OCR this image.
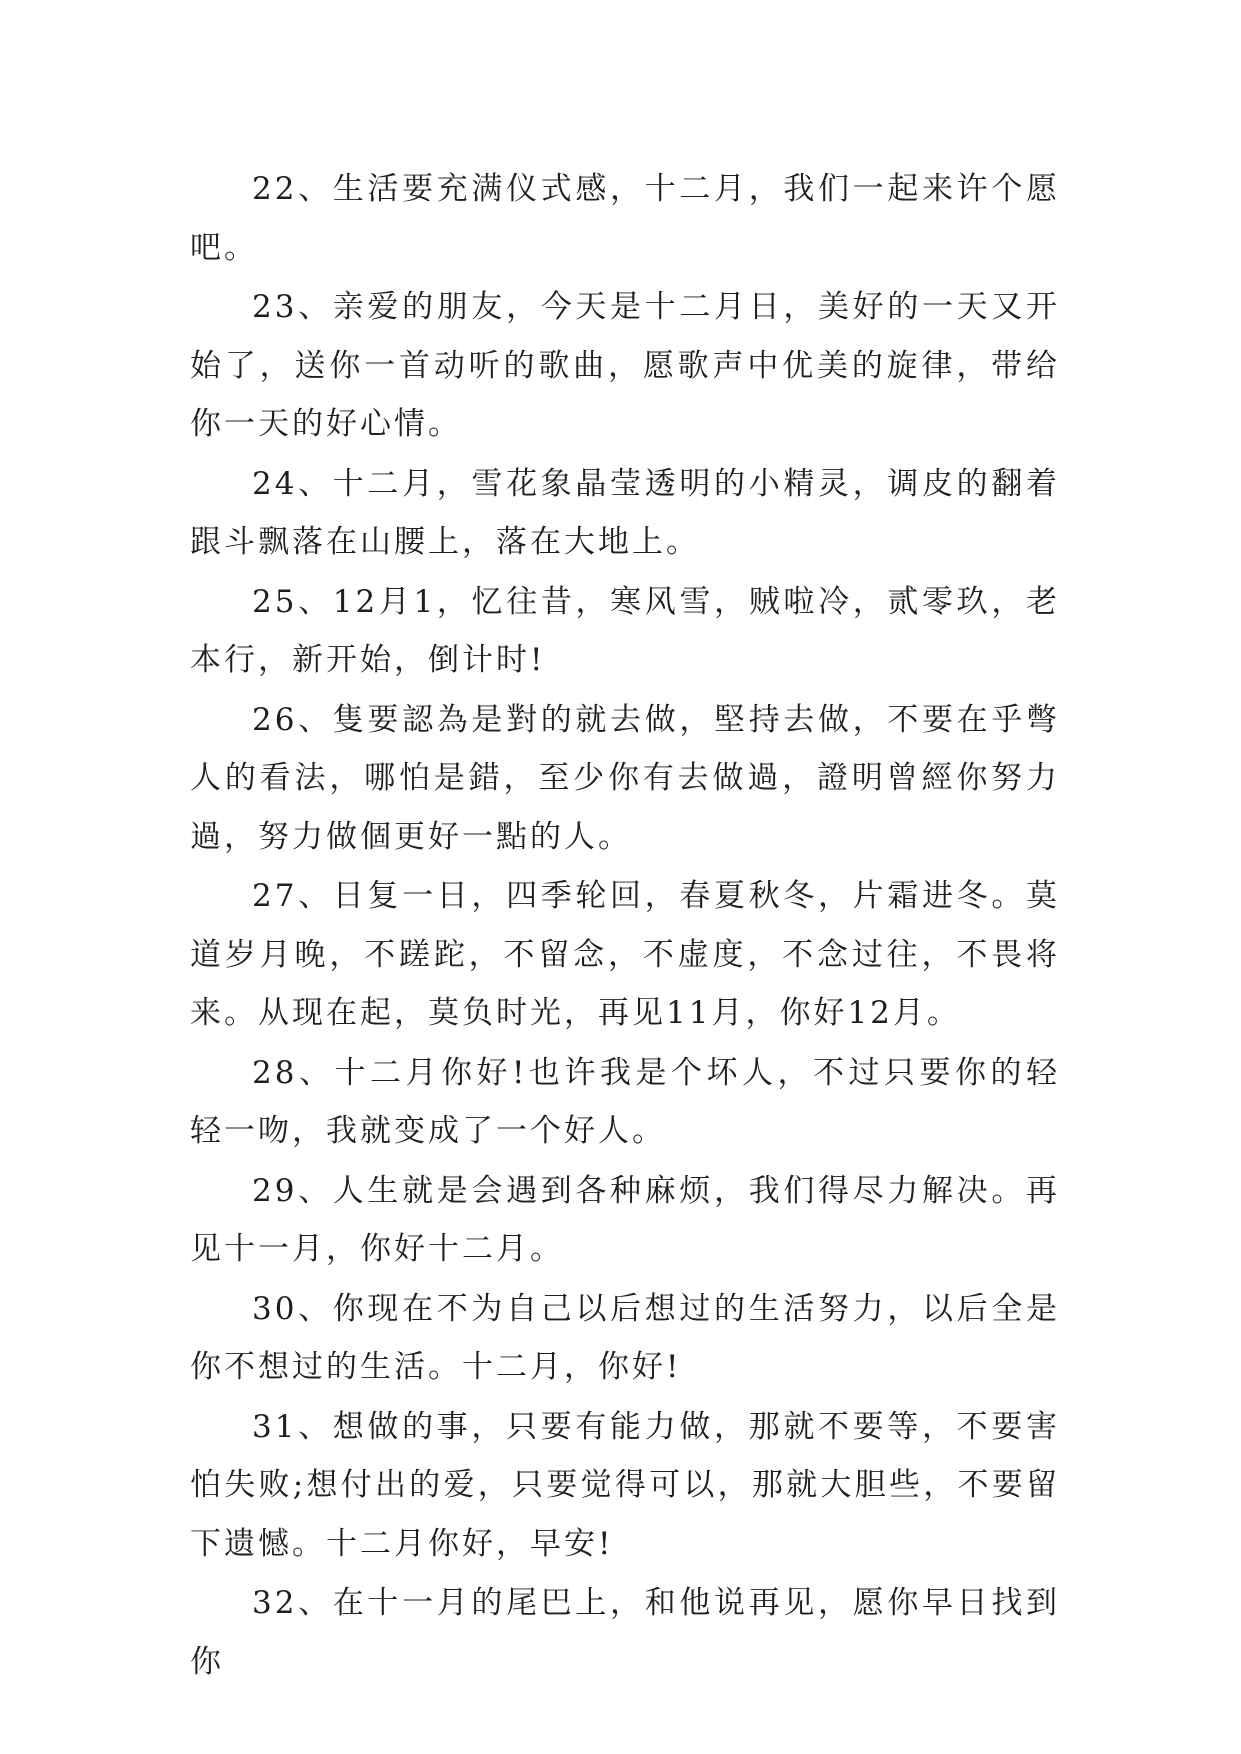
22、生活要充满仪式感，十二月，我们一起来许个愿吧。

23、亲爱的朋友，今天是十二月日，美好的一天又开始了，送你一首动听的歌曲，愿歌声中优美的旋律，带给你一天的好心情。

24、十二月，雪花象晶莹透明的小精灵，调皮的翻着跟斗飘落在山腰上，落在大地上。

25、12月1，忆往昔，寒风雪，贼啦冷，贰零玖，老本行，新开始，倒计时!

26、隻要認為是對的就去做，堅持去做，不要在乎彆人的看法，哪怕是錯，至少你有去做過，證明曾經你努力過，努力做個更好一點的人。

27、日复一日，四季轮回，春夏秋冬，片霜进冬。莫道岁月晚，不蹉跎，不留念，不虚度，不念过往，不畏将来。从现在起，莫负时光，再见11月，你好12月。

28、十二月你好!也许我是个坏人，不过只要你的轻轻一吻，我就变成了一个好人。

29、人生就是会遇到各种麻烦，我们得尽力解决。再见十一月，你好十二月。

30、你现在不为自己以后想过的生活努力，以后全是你不想过的生活。十二月，你好!

31、想做的事，只要有能力做，那就不要等，不要害怕失败;想付出的爱，只要觉得可以，那就大胆些，不要留下遗憾。十二月你好，早安!

32、在十一月的尾巴上，和他说再见，愿你早日找到你
